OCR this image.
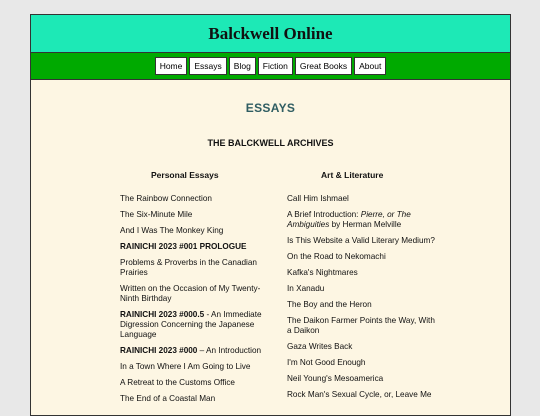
Balckwell Online
Home	Essays	Blog	Fiction	Great Books	About
ESSAYS
THE BALCKWELL ARCHIVES
Personal Essays
The Rainbow Connection
The Six-Minute Mile
And I Was The Monkey King
RAINICHI 2023 #001 PROLOGUE
Problems & Proverbs in the Canadian Prairies
Written on the Occasion of My Twenty-Ninth Birthday
RAINICHI 2023 #000.5 - An Immediate Digression Concerning the Japanese Language
RAINICHI 2023 #000 – An Introduction
In a Town Where I Am Going to Live
A Retreat to the Customs Office
The End of a Coastal Man
Art & Literature
Call Him Ishmael
A Brief Introduction: Pierre, or The Ambiguities by Herman Melville
Is This Website a Valid Literary Medium?
On the Road to Nekomachi
Kafka's Nightmares
In Xanadu
The Boy and the Heron
The Daikon Farmer Points the Way, With a Daikon
Gaza Writes Back
I'm Not Good Enough
Neil Young's Mesoamerica
Rock Man's Sexual Cycle, or, Leave Me
